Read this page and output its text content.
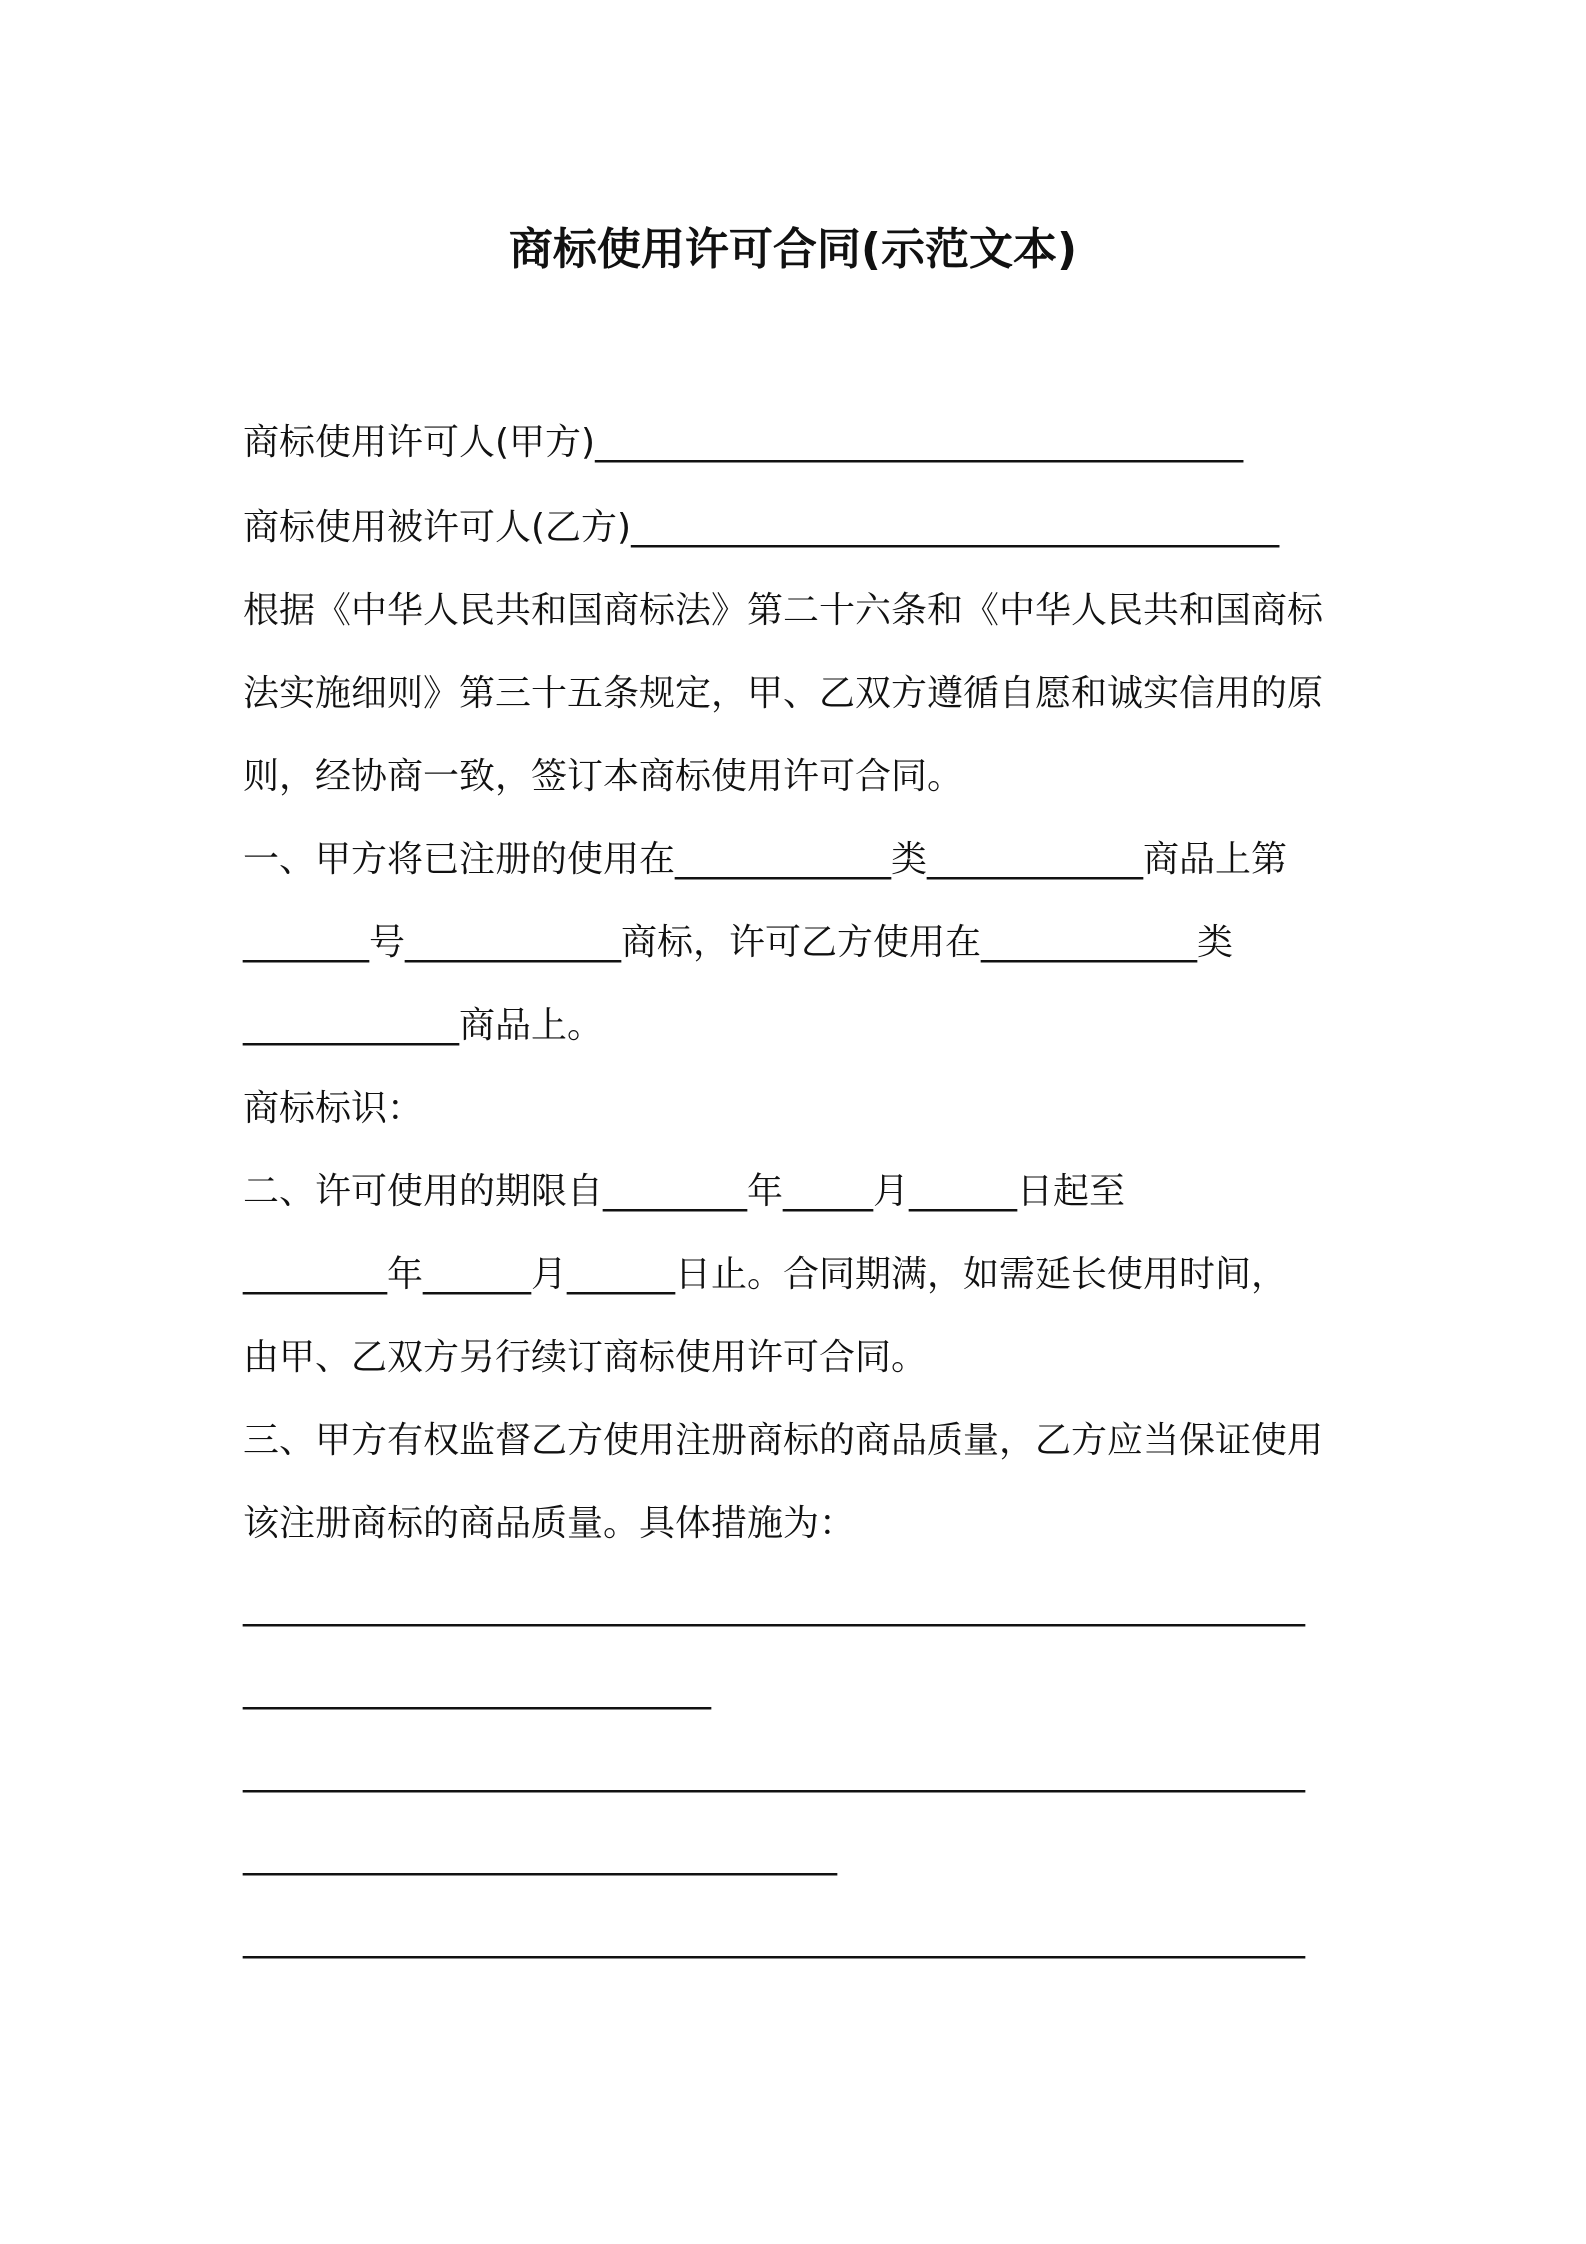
商标使用许可合同(示范文本)
商标使用许可人(甲方)____________________________________
商标使用被许可人(乙方)____________________________________
根据《中华人民共和国商标法》第二十六条和《中华人民共和国商标
法实施细则》第三十五条规定，甲、乙双方遵循自愿和诚实信用的原
则，经协商一致，签订本商标使用许可合同。
一、甲方将已注册的使用在____________类____________商品上第
_______号____________商标，许可乙方使用在____________类
____________商品上。
商标标识：
二、许可使用的期限自________年_____月______日起至
________年______月______日止。合同期满，如需延长使用时间，
由甲、乙双方另行续订商标使用许可合同。
三、甲方有权监督乙方使用注册商标的商品质量，乙方应当保证使用
该注册商标的商品质量。具体措施为：
___________________________________________________________
__________________________
___________________________________________________________
_________________________________
___________________________________________________________
